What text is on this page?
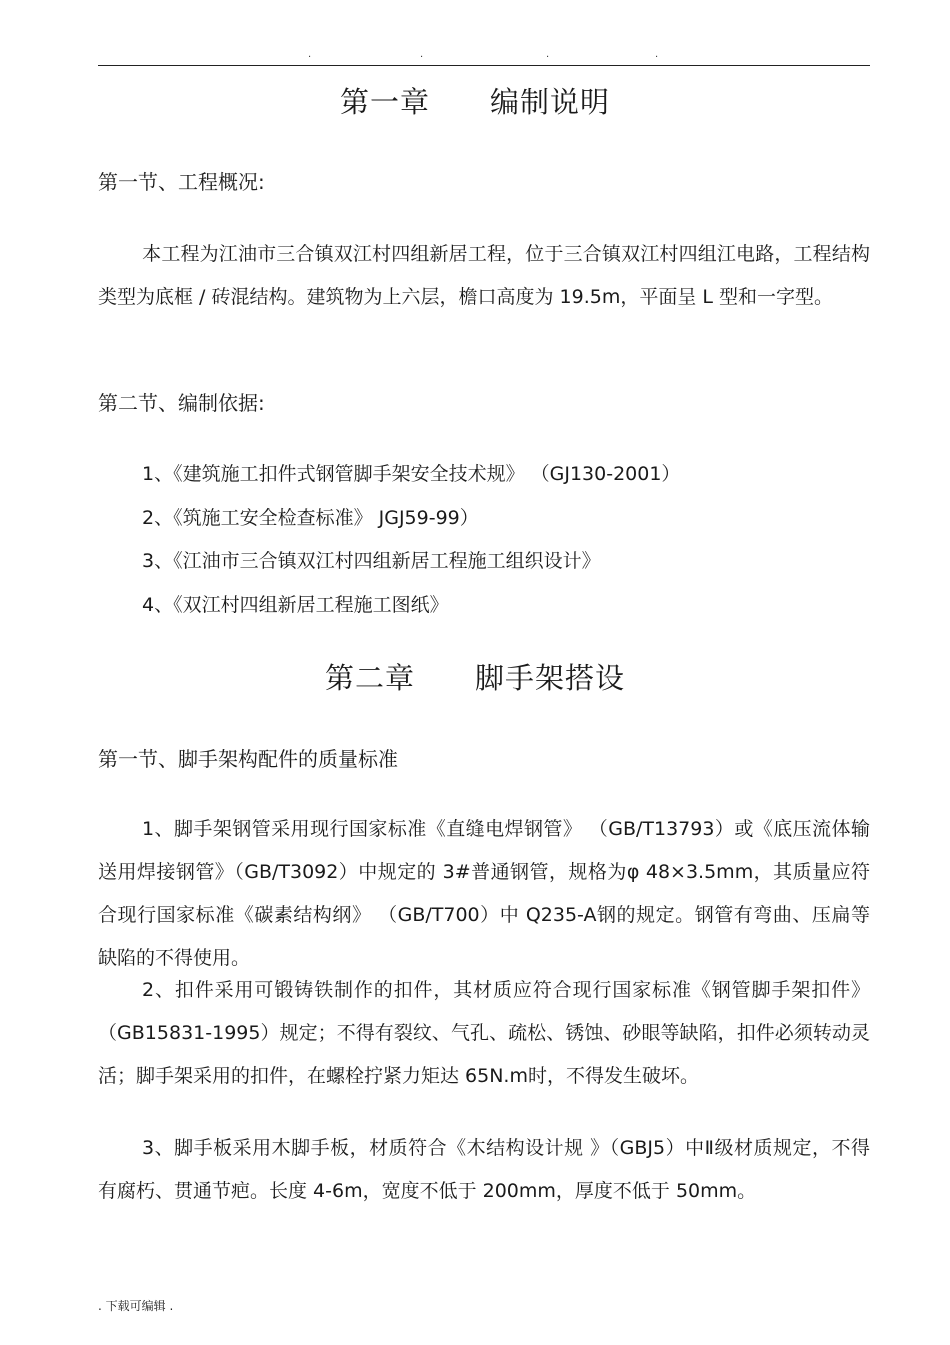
.	.	.	.
第一章　　编制说明
第一节、工程概况:
本工程为江油市三合镇双江村四组新居工程，位于三合镇双江村四组江电路，工程结构类型为底框 / 砖混结构。建筑物为上六层，檐口高度为 19.5m，平面呈 L 型和一字型。
第二节、编制依据:
1、《建筑施工扣件式钢管脚手架安全技术规》 （GJ130-2001）
2、《筑施工安全检查标准》 JGJ59-99）
3、《江油市三合镇双江村四组新居工程施工组织设计》
4、《双江村四组新居工程施工图纸》
第二章　　脚手架搭设
第一节、脚手架构配件的质量标准
1、脚手架钢管采用现行国家标准《直缝电焊钢管》 （GB/T13793）或《底压流体输送用焊接钢管》（GB/T3092）中规定的 3#普通钢管，规格为φ 48×3.5mm，其质量应符合现行国家标准《碳素结构纲》 （GB/T700）中 Q235-A钢的规定。钢管有弯曲、压扁等缺陷的不得使用。
2、扣件采用可锻铸铁制作的扣件，其材质应符合现行国家标准《钢管脚手架扣件》（GB15831-1995）规定；不得有裂纹、气孔、疏松、锈蚀、砂眼等缺陷，扣件必须转动灵活；脚手架采用的扣件，在螺栓拧紧力矩达 65N.m时，不得发生破坏。
3、脚手板采用木脚手板，材质符合《木结构设计规 》（GBJ5）中Ⅱ级材质规定，不得有腐朽、贯通节疤。长度 4-6m，宽度不低于 200mm，厚度不低于 50mm。
. 下载可编辑 .
